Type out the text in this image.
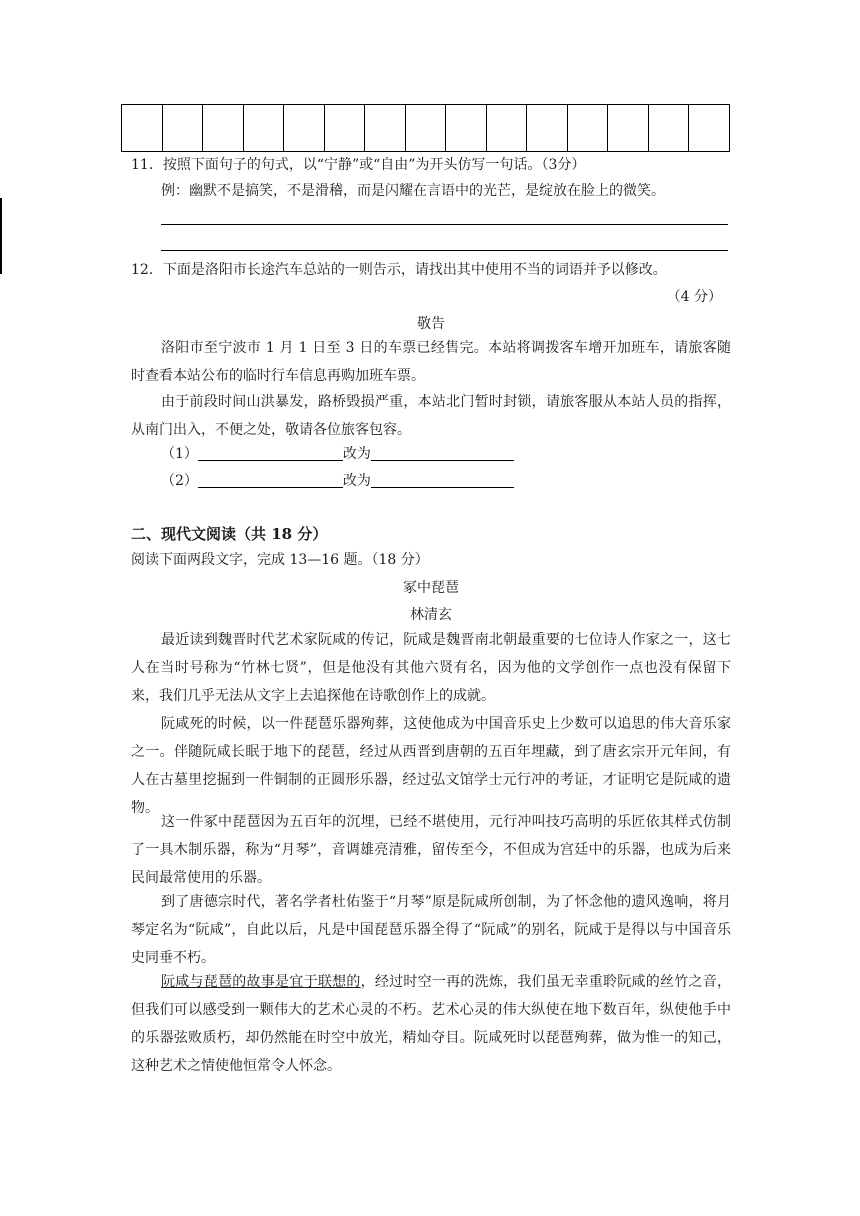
11．按照下面句子的句式，以“宁静”或“自由”为开头仿写一句话。（3分）
例：幽默不是搞笑，不是滑稽，而是闪耀在言语中的光芒，是绽放在脸上的微笑。
12．下面是洛阳市长途汽车总站的一则告示，请找出其中使用不当的词语并予以修改。
（4 分）
敬告
洛阳市至宁波市 1 月 1 日至 3 日的车票已经售完。本站将调拨客车增开加班车，请旅客随时查看本站公布的临时行车信息再购加班车票。
由于前段时间山洪暴发，路桥毁损严重，本站北门暂时封锁，请旅客服从本站人员的指挥，从南门出入，不便之处，敬请各位旅客包容。
（1）	改为
（2）	改为
二、现代文阅读（共 18 分）
阅读下面两段文字，完成 13—16 题。（18 分）
冢中琵琶
林清玄
最近读到魏晋时代艺术家阮咸的传记，阮咸是魏晋南北朝最重要的七位诗人作家之一，这七人在当时号称为“竹林七贤”，但是他没有其他六贤有名，因为他的文学创作一点也没有保留下来，我们几乎无法从文字上去追探他在诗歌创作上的成就。
阮咸死的时候，以一件琵琶乐器殉葬，这使他成为中国音乐史上少数可以追思的伟大音乐家之一。伴随阮咸长眠于地下的琵琶，经过从西晋到唐朝的五百年埋藏，到了唐玄宗开元年间，有人在古墓里挖掘到一件铜制的正圆形乐器，经过弘文馆学士元行冲的考证，才证明它是阮咸的遗物。
这一件冢中琵琶因为五百年的沉埋，已经不堪使用，元行冲叫技巧高明的乐匠依其样式仿制了一具木制乐器，称为“月琴”，音调雄亮清雅，留传至今，不但成为宫廷中的乐器，也成为后来民间最常使用的乐器。
到了唐德宗时代，著名学者杜佑鉴于“月琴”原是阮咸所创制，为了怀念他的遗风逸响，将月琴定名为“阮咸”，自此以后，凡是中国琵琶乐器全得了“阮咸”的别名，阮咸于是得以与中国音乐史同垂不朽。
阮咸与琵琶的故事是宜于联想的，经过时空一再的洗炼，我们虽无幸重聆阮咸的丝竹之音，但我们可以感受到一颗伟大的艺术心灵的不朽。艺术心灵的伟大纵使在地下数百年，纵使他手中的乐器弦败质朽，却仍然能在时空中放光，精灿夺目。阮咸死时以琵琶殉葬，做为惟一的知己，这种艺术之情使他恒常令人怀念。
